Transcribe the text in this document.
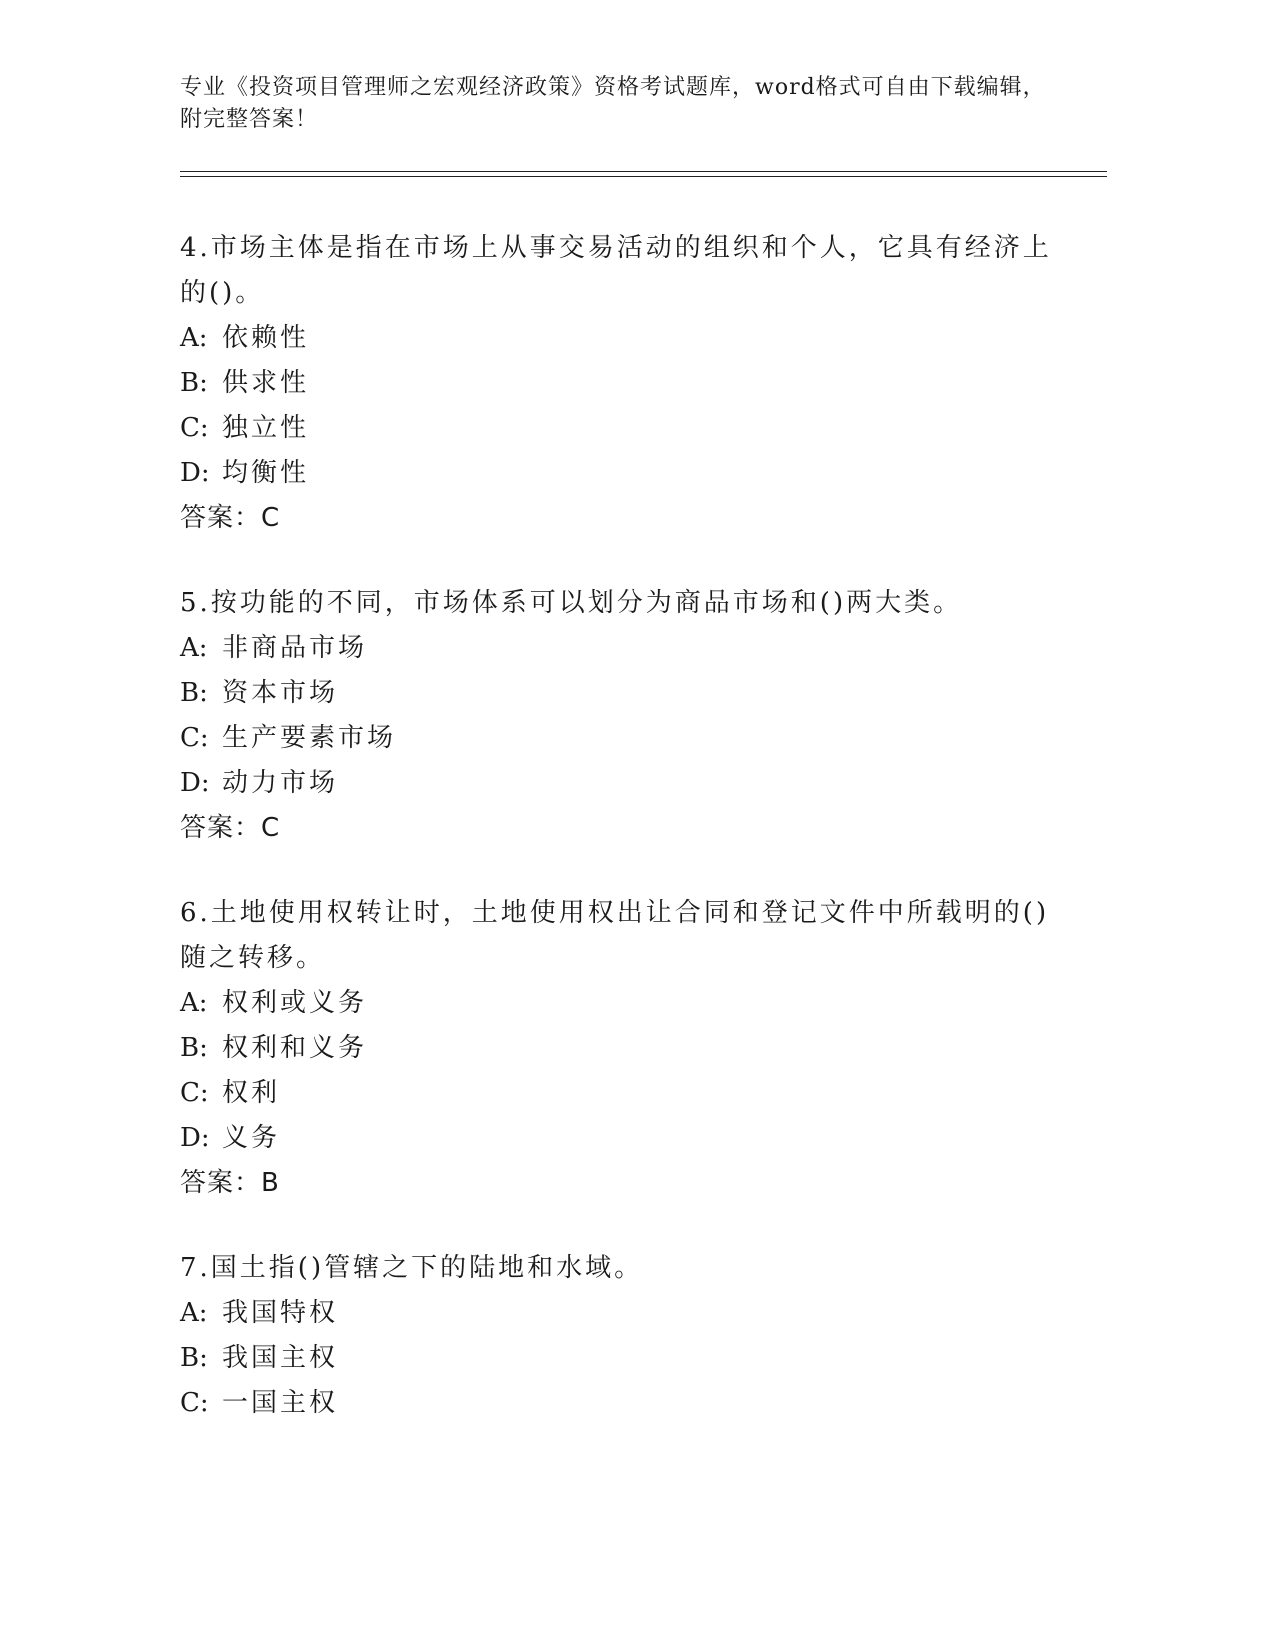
专业《投资项目管理师之宏观经济政策》资格考试题库，word格式可自由下载编辑，附完整答案！
4.市场主体是指在市场上从事交易活动的组织和个人，它具有经济上的()。
A: 依赖性
B: 供求性
C: 独立性
D: 均衡性
答案：C
5.按功能的不同，市场体系可以划分为商品市场和()两大类。
A: 非商品市场
B: 资本市场
C: 生产要素市场
D: 动力市场
答案：C
6.土地使用权转让时，土地使用权出让合同和登记文件中所载明的()随之转移。
A: 权利或义务
B: 权利和义务
C: 权利
D: 义务
答案：B
7.国土指()管辖之下的陆地和水域。
A: 我国特权
B: 我国主权
C: 一国主权
